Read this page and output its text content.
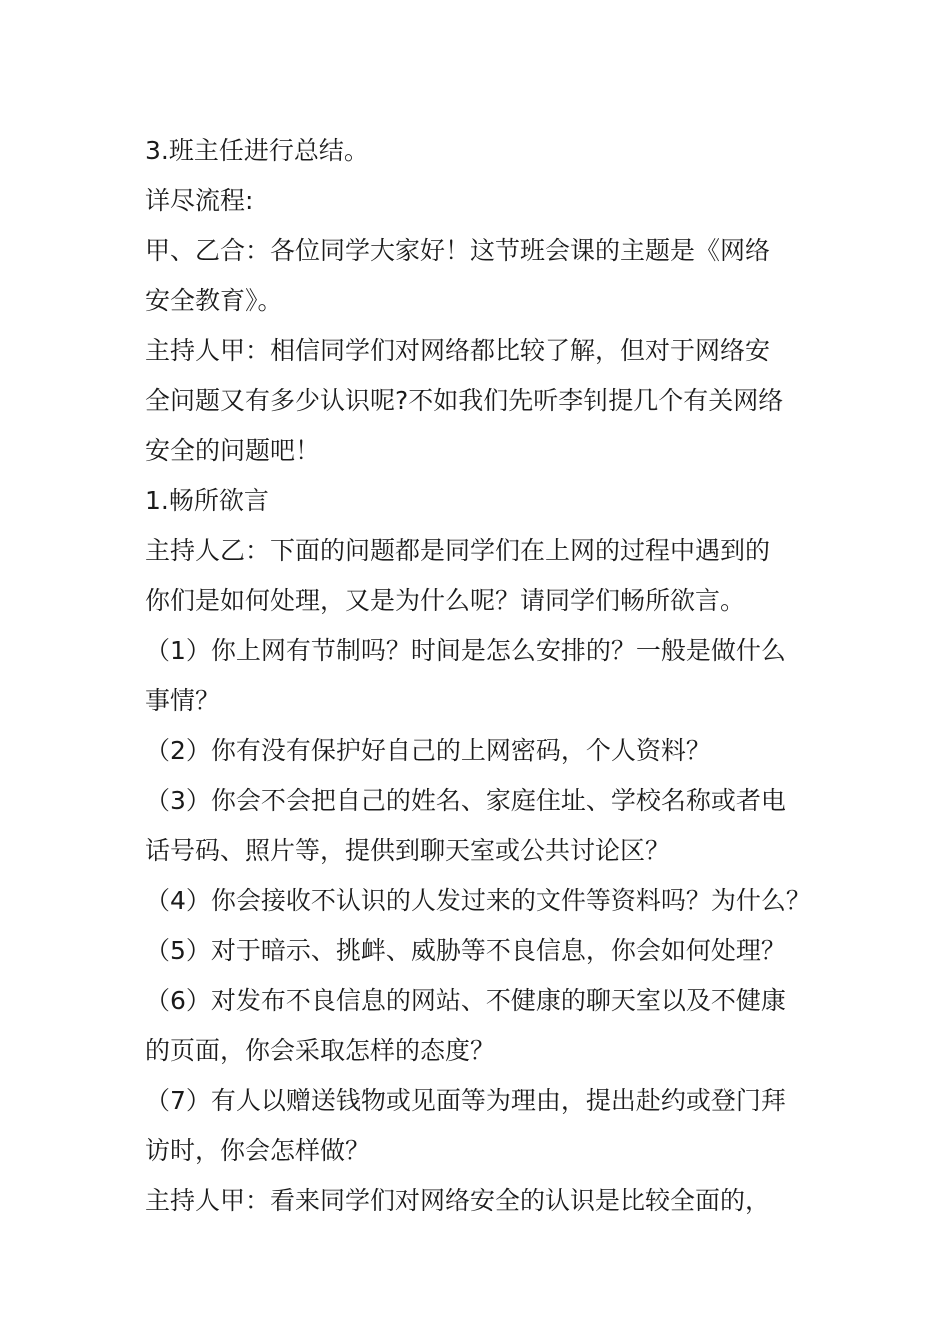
3.班主任进行总结。
详尽流程:
甲、乙合：各位同学大家好！这节班会课的主题是《网络
安全教育》。
主持人甲：相信同学们对网络都比较了解，但对于网络安
全问题又有多少认识呢?不如我们先听李钊提几个有关网络
安全的问题吧！
1.畅所欲言
主持人乙：下面的问题都是同学们在上网的过程中遇到的
你们是如何处理，又是为什么呢？请同学们畅所欲言。
（1）你上网有节制吗？时间是怎么安排的？一般是做什么
事情？
（2）你有没有保护好自己的上网密码，个人资料？
（3）你会不会把自己的姓名、家庭住址、学校名称或者电
话号码、照片等，提供到聊天室或公共讨论区？
（4）你会接收不认识的人发过来的文件等资料吗？为什么？
（5）对于暗示、挑衅、威胁等不良信息，你会如何处理？
（6）对发布不良信息的网站、不健康的聊天室以及不健康
的页面，你会采取怎样的态度？
（7）有人以赠送钱物或见面等为理由，提出赴约或登门拜
访时，你会怎样做？
主持人甲：看来同学们对网络安全的认识是比较全面的，
